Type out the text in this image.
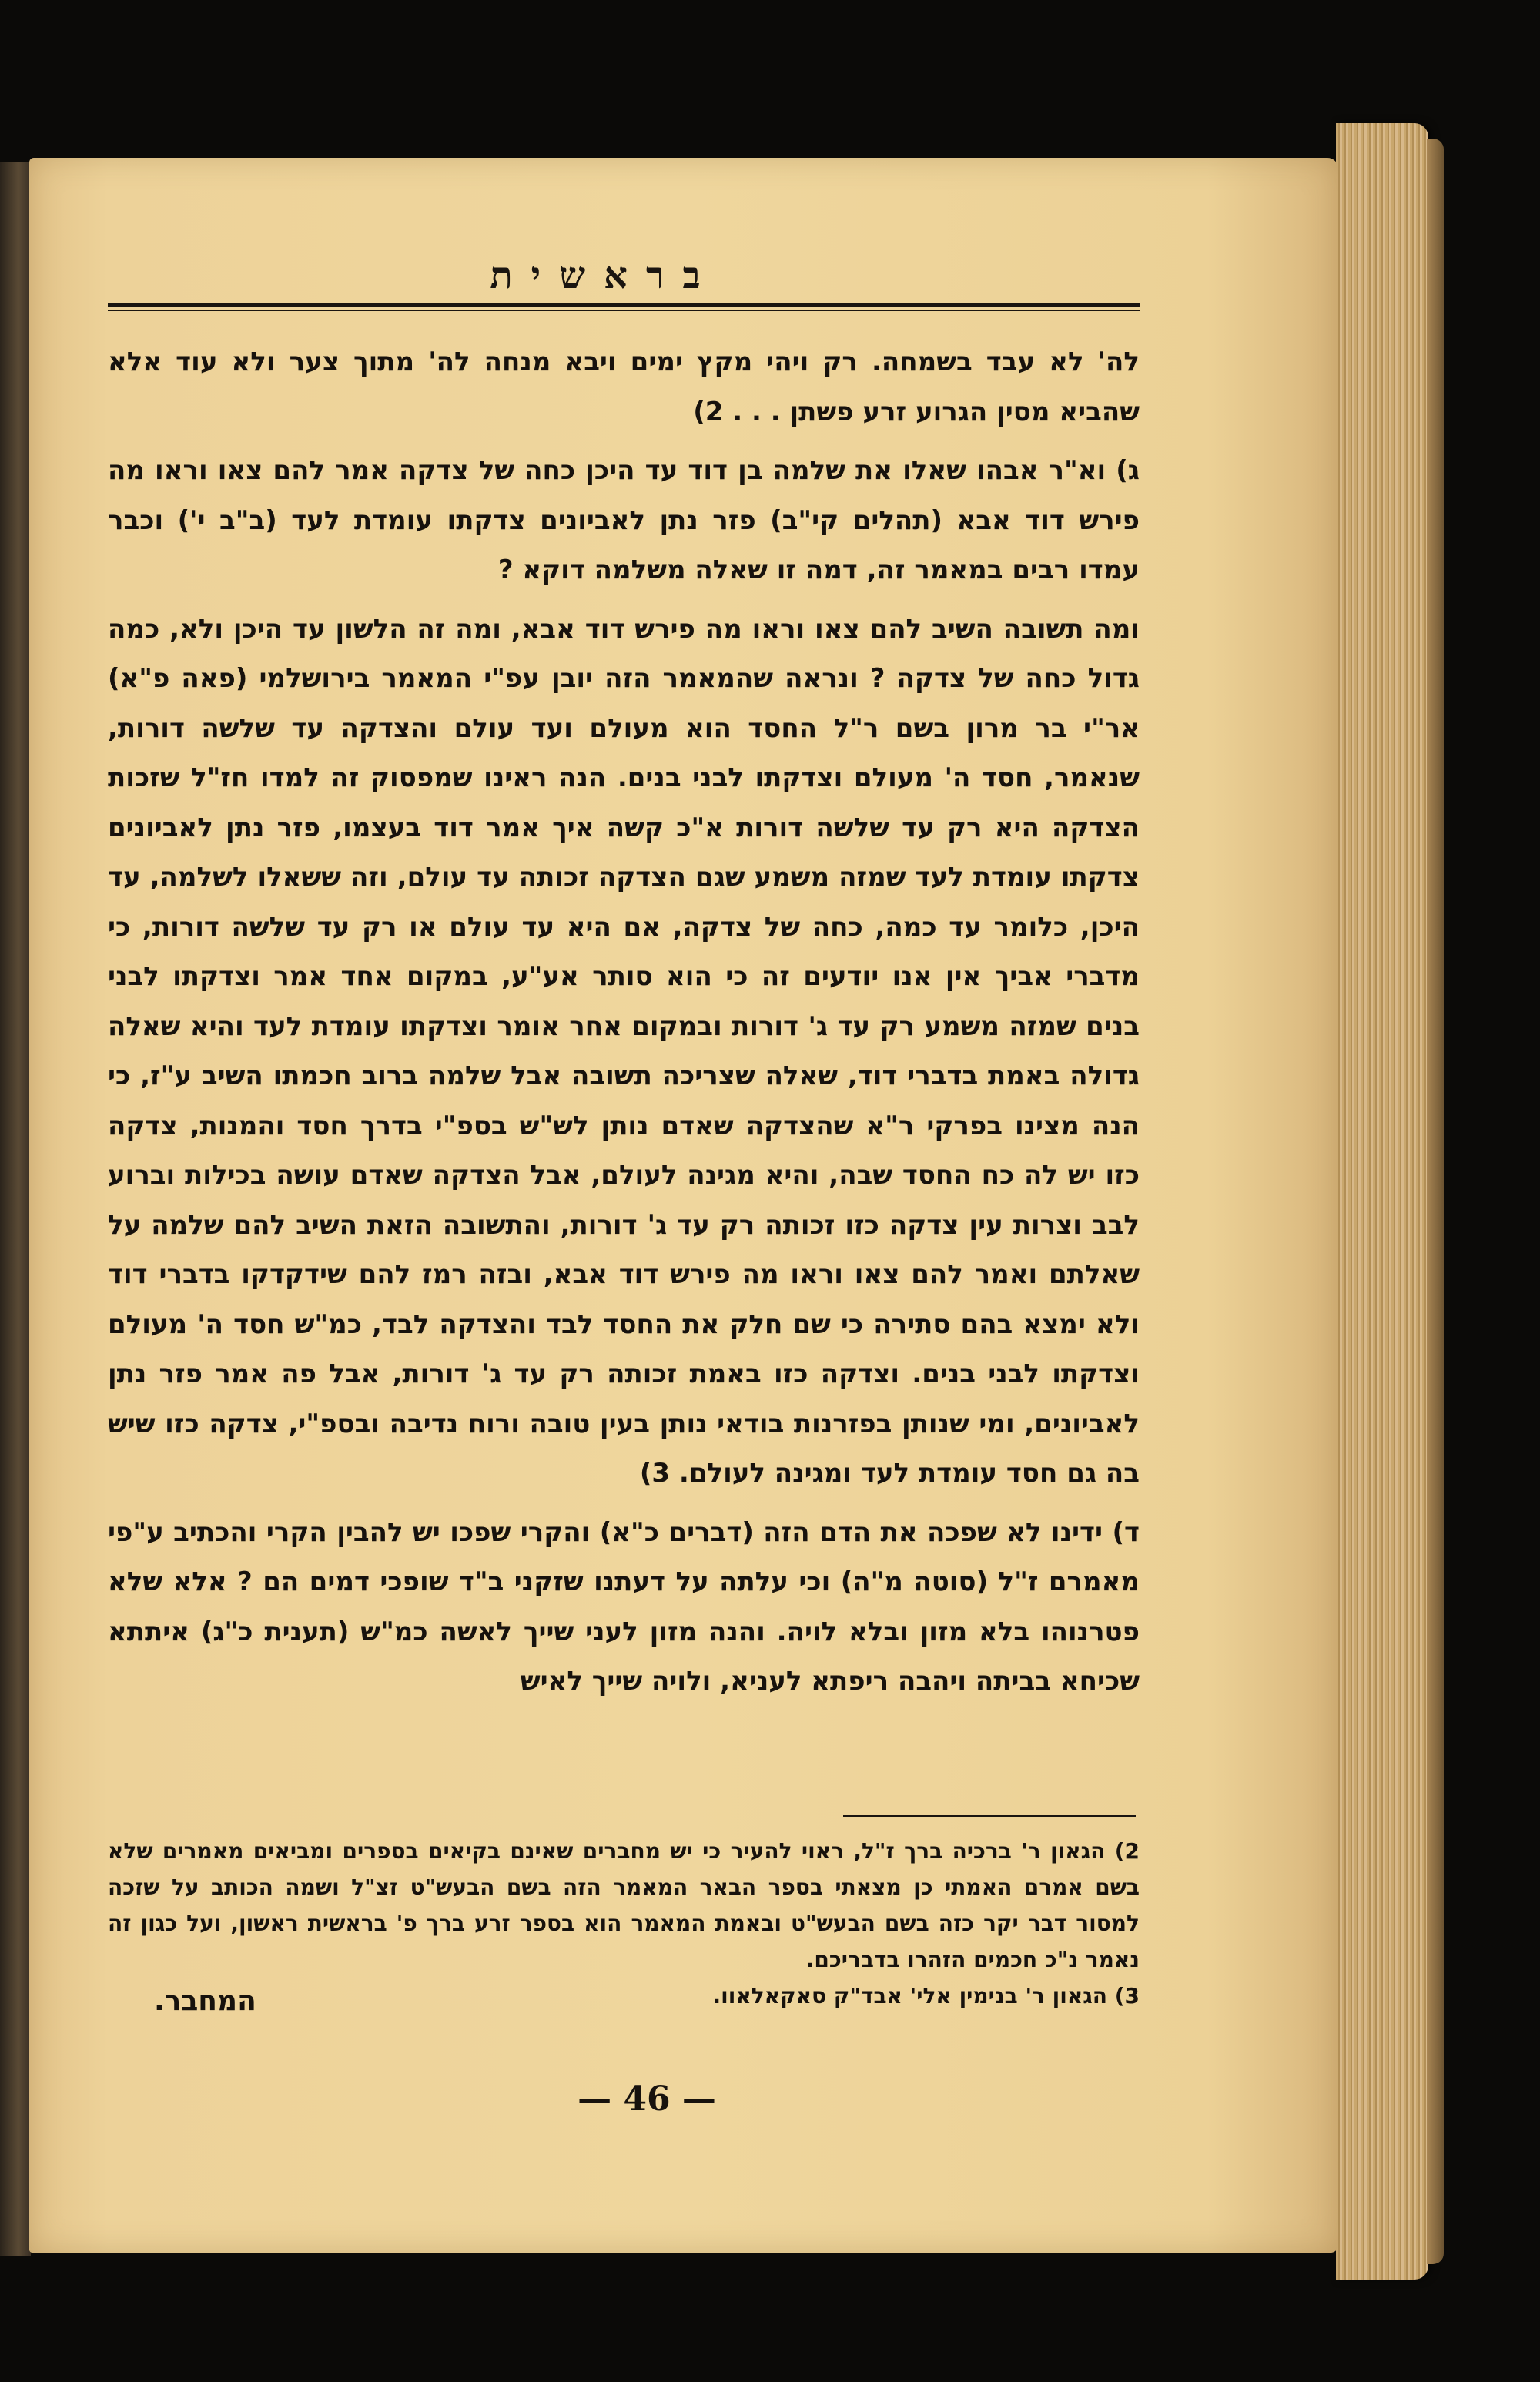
בראשית

לה' לא עבד בשמחה. רק ויהי מקץ ימים ויבא מנחה לה' מתוך צער ולא עוד אלא שהביא מסין הגרוע זרע פשתן . . . 2)

ג) וא"ר אבהו שאלו את שלמה בן דוד עד היכן כחה של צדקה אמר להם צאו וראו מה פירש דוד אבא (תהלים קי"ב) פזר נתן לאביונים צדקתו עומדת לעד (ב"ב י') וכבר עמדו רבים במאמר זה, דמה זו שאלה משלמה דוקא ?

ומה תשובה השיב להם צאו וראו מה פירש דוד אבא, ומה זה הלשון עד היכן ולא, כמה גדול כחה של צדקה ? ונראה שהמאמר הזה יובן עפ"י המאמר בירושלמי (פאה פ"א) אר"י בר מרון בשם ר"ל החסד הוא מעולם ועד עולם והצדקה עד שלשה דורות, שנאמר, חסד ה' מעולם וצדקתו לבני בנים. הנה ראינו שמפסוק זה למדו חז"ל שזכות הצדקה היא רק עד שלשה דורות א"כ קשה איך אמר דוד בעצמו, פזר נתן לאביונים צדקתו עומדת לעד שמזה משמע שגם הצדקה זכותה עד עולם, וזה ששאלו לשלמה, עד היכן, כלומר עד כמה, כחה של צדקה, אם היא עד עולם או רק עד שלשה דורות, כי מדברי אביך אין אנו יודעים זה כי הוא סותר אע"ע, במקום אחד אמר וצדקתו לבני בנים שמזה משמע רק עד ג' דורות ובמקום אחר אומר וצדקתו עומדת לעד והיא שאלה גדולה באמת בדברי דוד, שאלה שצריכה תשובה אבל שלמה ברוב חכמתו השיב ע"ז, כי הנה מצינו בפרקי ר"א שהצדקה שאדם נותן לש"ש בספ"י בדרך חסד והמנות, צדקה כזו יש לה כח החסד שבה, והיא מגינה לעולם, אבל הצדקה שאדם עושה בכילות וברוע לבב וצרות עין צדקה כזו זכותה רק עד ג' דורות, והתשובה הזאת השיב להם שלמה על שאלתם ואמר להם צאו וראו מה פירש דוד אבא, ובזה רמז להם שידקדקו בדברי דוד ולא ימצא בהם סתירה כי שם חלק את החסד לבד והצדקה לבד, כמ"ש חסד ה' מעולם וצדקתו לבני בנים. וצדקה כזו באמת זכותה רק עד ג' דורות, אבל פה אמר פזר נתן לאביונים, ומי שנותן בפזרנות בודאי נותן בעין טובה ורוח נדיבה ובספ"י, צדקה כזו שיש בה גם חסד עומדת לעד ומגינה לעולם. 3)

ד) ידינו לא שפכה את הדם הזה (דברים כ"א) והקרי שפכו יש להבין הקרי והכתיב ע"פי מאמרם ז"ל (סוטה מ"ה) וכי עלתה על דעתנו שזקני ב"ד שופכי דמים הם ? אלא שלא פטרנוהו בלא מזון ובלא לויה. והנה מזון לעני שייך לאשה כמ"ש (תענית כ"ג) איתתא שכיחא בביתה ויהבה ריפתא לעניא, ולויה שייך לאיש

2) הגאון ר' ברכיה ברך ז"ל, ראוי להעיר כי יש מחברים שאינם בקיאים בספרים ומביאים מאמרים שלא בשם אמרם האמתי כן מצאתי בספר הבאר המאמר הזה בשם הבעש"ט זצ"ל ושמה הכותב על שזכה למסור דבר יקר כזה בשם הבעש"ט ובאמת המאמר הוא בספר זרע ברך פ' בראשית ראשון, ועל כגון זה נאמר נ"כ חכמים הזהרו בדבריכם.

3) הגאון ר' בנימין אלי' אבד"ק סאקאלאוו.

המחבר.
— 46 —
